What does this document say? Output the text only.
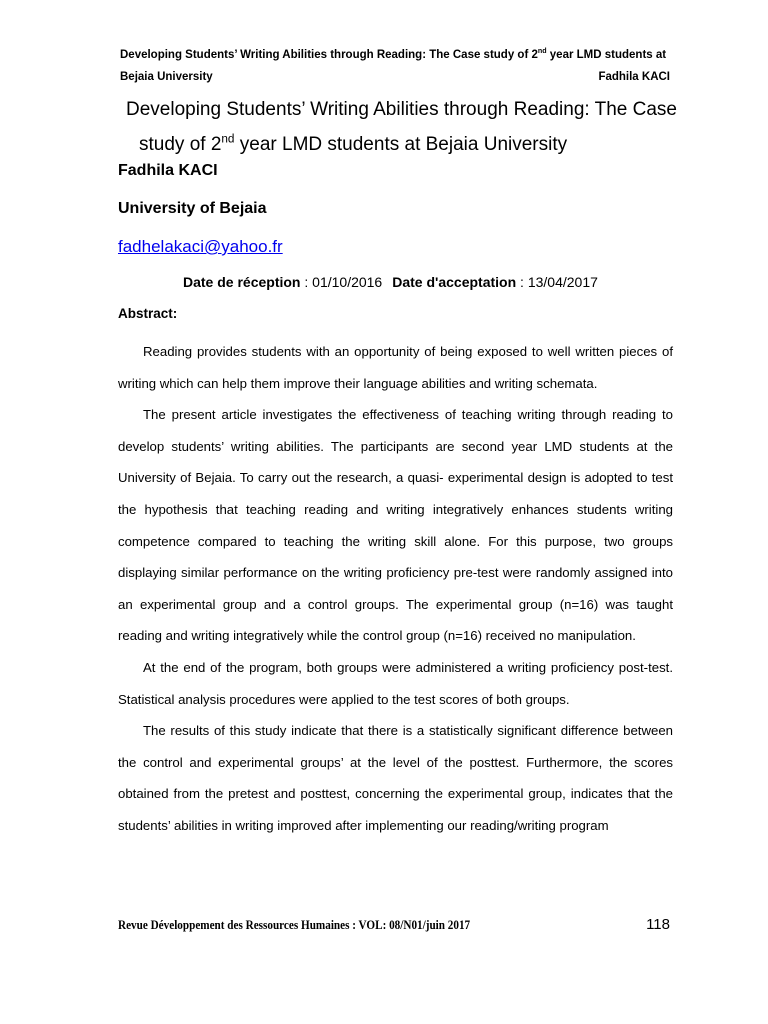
Developing Students’ Writing Abilities through Reading: The Case study of 2nd year LMD students at
Bejaia University	Fadhila KACI
Developing Students’ Writing Abilities through Reading: The Case
study of 2nd year LMD students at Bejaia University
Fadhila KACI
University of Bejaia
fadhelakaci@yahoo.fr
Date de réception : 01/10/2016 Date d'acceptation : 13/04/2017
Abstract:

Reading provides students with an opportunity of being exposed to well written pieces of writing which can help them improve their language abilities and writing schemata.

The present article investigates the effectiveness of teaching writing through reading to develop students’ writing abilities. The participants are second year LMD students at the University of Bejaia. To carry out the research, a quasi- experimental design is adopted to test the hypothesis that teaching reading and writing integratively enhances students writing competence compared to teaching the writing skill alone. For this purpose, two groups displaying similar performance on the writing proficiency pre-test were randomly assigned into an experimental group and a control groups. The experimental group (n=16) was taught reading and writing integratively while the control group (n=16) received no manipulation.

At the end of the program, both groups were administered a writing proficiency post-test. Statistical analysis procedures were applied to the test scores of both groups.

The results of this study indicate that there is a statistically significant difference between the control and experimental groups’ at the level of the posttest. Furthermore, the scores obtained from the pretest and posttest, concerning the experimental group, indicates that the students’ abilities in writing improved after implementing our reading/writing program

Revue Développement des Ressources Humaines : VOL: 08/N01/juin 2017	118
